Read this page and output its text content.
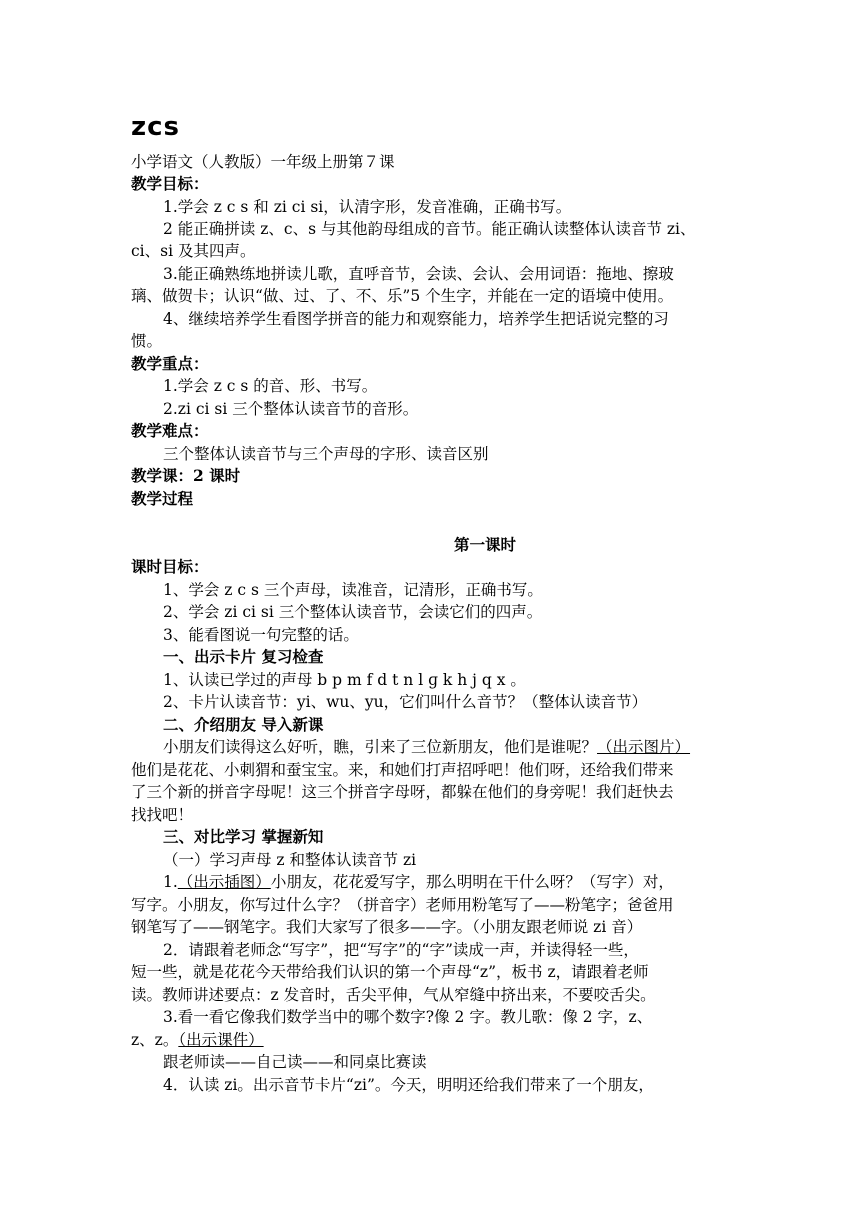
zcs
小学语文（人教版）一年级上册第７课
教学目标：
1.学会 z c s 和 zi ci si，认清字形，发音准确，正确书写。
2 能正确拼读 z、c、s 与其他韵母组成的音节。能正确认读整体认读音节 zi、
ci、si 及其四声。
3.能正确熟练地拼读儿歌，直呼音节，会读、会认、会用词语：拖地、擦玻
璃、做贺卡；认识“做、过、了、不、乐”5 个生字，并能在一定的语境中使用。
4、继续培养学生看图学拼音的能力和观察能力，培养学生把话说完整的习
惯。
教学重点：
1.学会 z c s 的音、形、书写。
2.zi ci si 三个整体认读音节的音形。
教学难点：
三个整体认读音节与三个声母的字形、读音区别
教学课：2 课时
教学过程
第一课时
课时目标：
1、学会 z c s 三个声母，读准音，记清形，正确书写。
2、学会 zi ci si 三个整体认读音节，会读它们的四声。
3、能看图说一句完整的话。
一、出示卡片 复习检查
1、认读已学过的声母 b p m f d t n l ɡ k h j q x 。
2、卡片认读音节：yi、wu、yu，它们叫什么音节？（整体认读音节）
二、介绍朋友 导入新课
小朋友们读得这么好听，瞧，引来了三位新朋友，他们是谁呢？（出示图片）
他们是花花、小刺猬和蚕宝宝。来，和她们打声招呼吧！他们呀，还给我们带来
了三个新的拼音字母呢！这三个拼音字母呀，都躲在他们的身旁呢！我们赶快去
找找吧！
三、对比学习 掌握新知
（一）学习声母 z 和整体认读音节 zi
1.（出示插图）小朋友，花花爱写字，那么明明在干什么呀？（写字）对，
写字。小朋友，你写过什么字？（拼音字）老师用粉笔写了——粉笔字；爸爸用
钢笔写了——钢笔字。我们大家写了很多——字。（小朋友跟老师说 zi 音）
2．请跟着老师念“写字”，把“写字”的“字”读成一声，并读得轻一些，
短一些，就是花花今天带给我们认识的第一个声母“z”，板书 z，请跟着老师
读。教师讲述要点：z 发音时，舌尖平伸，气从窄缝中挤出来，不要咬舌尖。
3.看一看它像我们数学当中的哪个数字?像 2 字。教儿歌：像 2 字，z、
z、z。（出示课件）
跟老师读——自己读——和同桌比赛读
4．认读 zi。出示音节卡片“zi”。今天，明明还给我们带来了一个朋友，
